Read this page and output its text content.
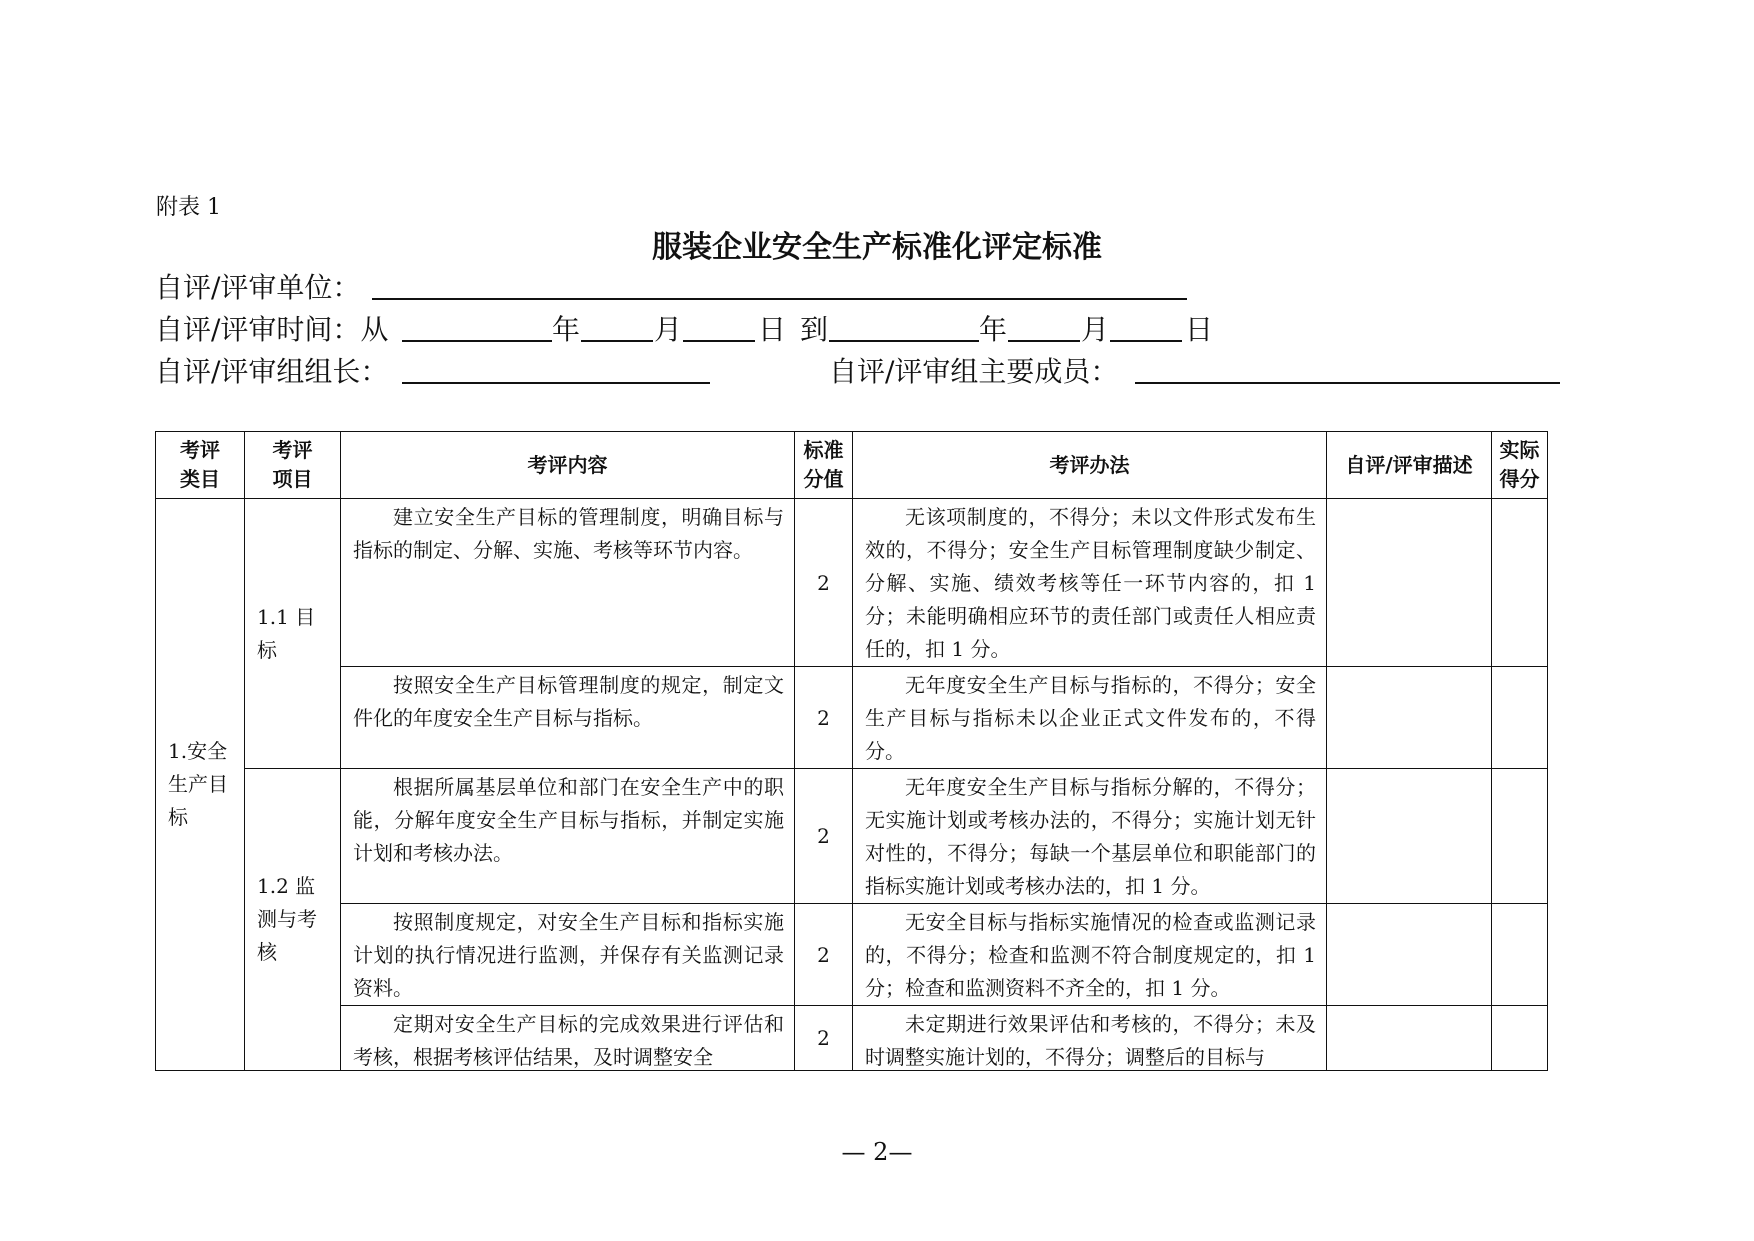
附表 1
服装企业安全生产标准化评定标准
自评/评审单位：
自评/评审时间：从	年	月	日 到	年	月	日
自评/评审组组长：	自评/评审组主要成员：
考评类目	考评项目	考评内容	标准分值	考评办法	自评/评审描述	实际得分
1.安全生产目标	1.1 目标	建立安全生产目标的管理制度，明确目标与指标的制定、分解、实施、考核等环节内容。	2	无该项制度的，不得分；未以文件形式发布生效的，不得分；安全生产目标管理制度缺少制定、分解、实施、绩效考核等任一环节内容的，扣 1 分；未能明确相应环节的责任部门或责任人相应责任的，扣 1 分。		

		按照安全生产目标管理制度的规定，制定文件化的年度安全生产目标与指标。	2	无年度安全生产目标与指标的，不得分；安全生产目标与指标未以企业正式文件发布的，不得分。		

	1.2 监测与考核	根据所属基层单位和部门在安全生产中的职能，分解年度安全生产目标与指标，并制定实施计划和考核办法。	2	无年度安全生产目标与指标分解的，不得分；无实施计划或考核办法的，不得分；实施计划无针对性的，不得分；每缺一个基层单位和职能部门的指标实施计划或考核办法的，扣 1 分。		

		按照制度规定，对安全生产目标和指标实施计划的执行情况进行监测，并保存有关监测记录资料。	2	无安全目标与指标实施情况的检查或监测记录的，不得分；检查和监测不符合制度规定的，扣 1 分；检查和监测资料不齐全的，扣 1 分。		

		定期对安全生产目标的完成效果进行评估和考核，根据考核评估结果，及时调整安全	2	未定期进行效果评估和考核的，不得分；未及时调整实施计划的，不得分；调整后的目标与		

— 2—
